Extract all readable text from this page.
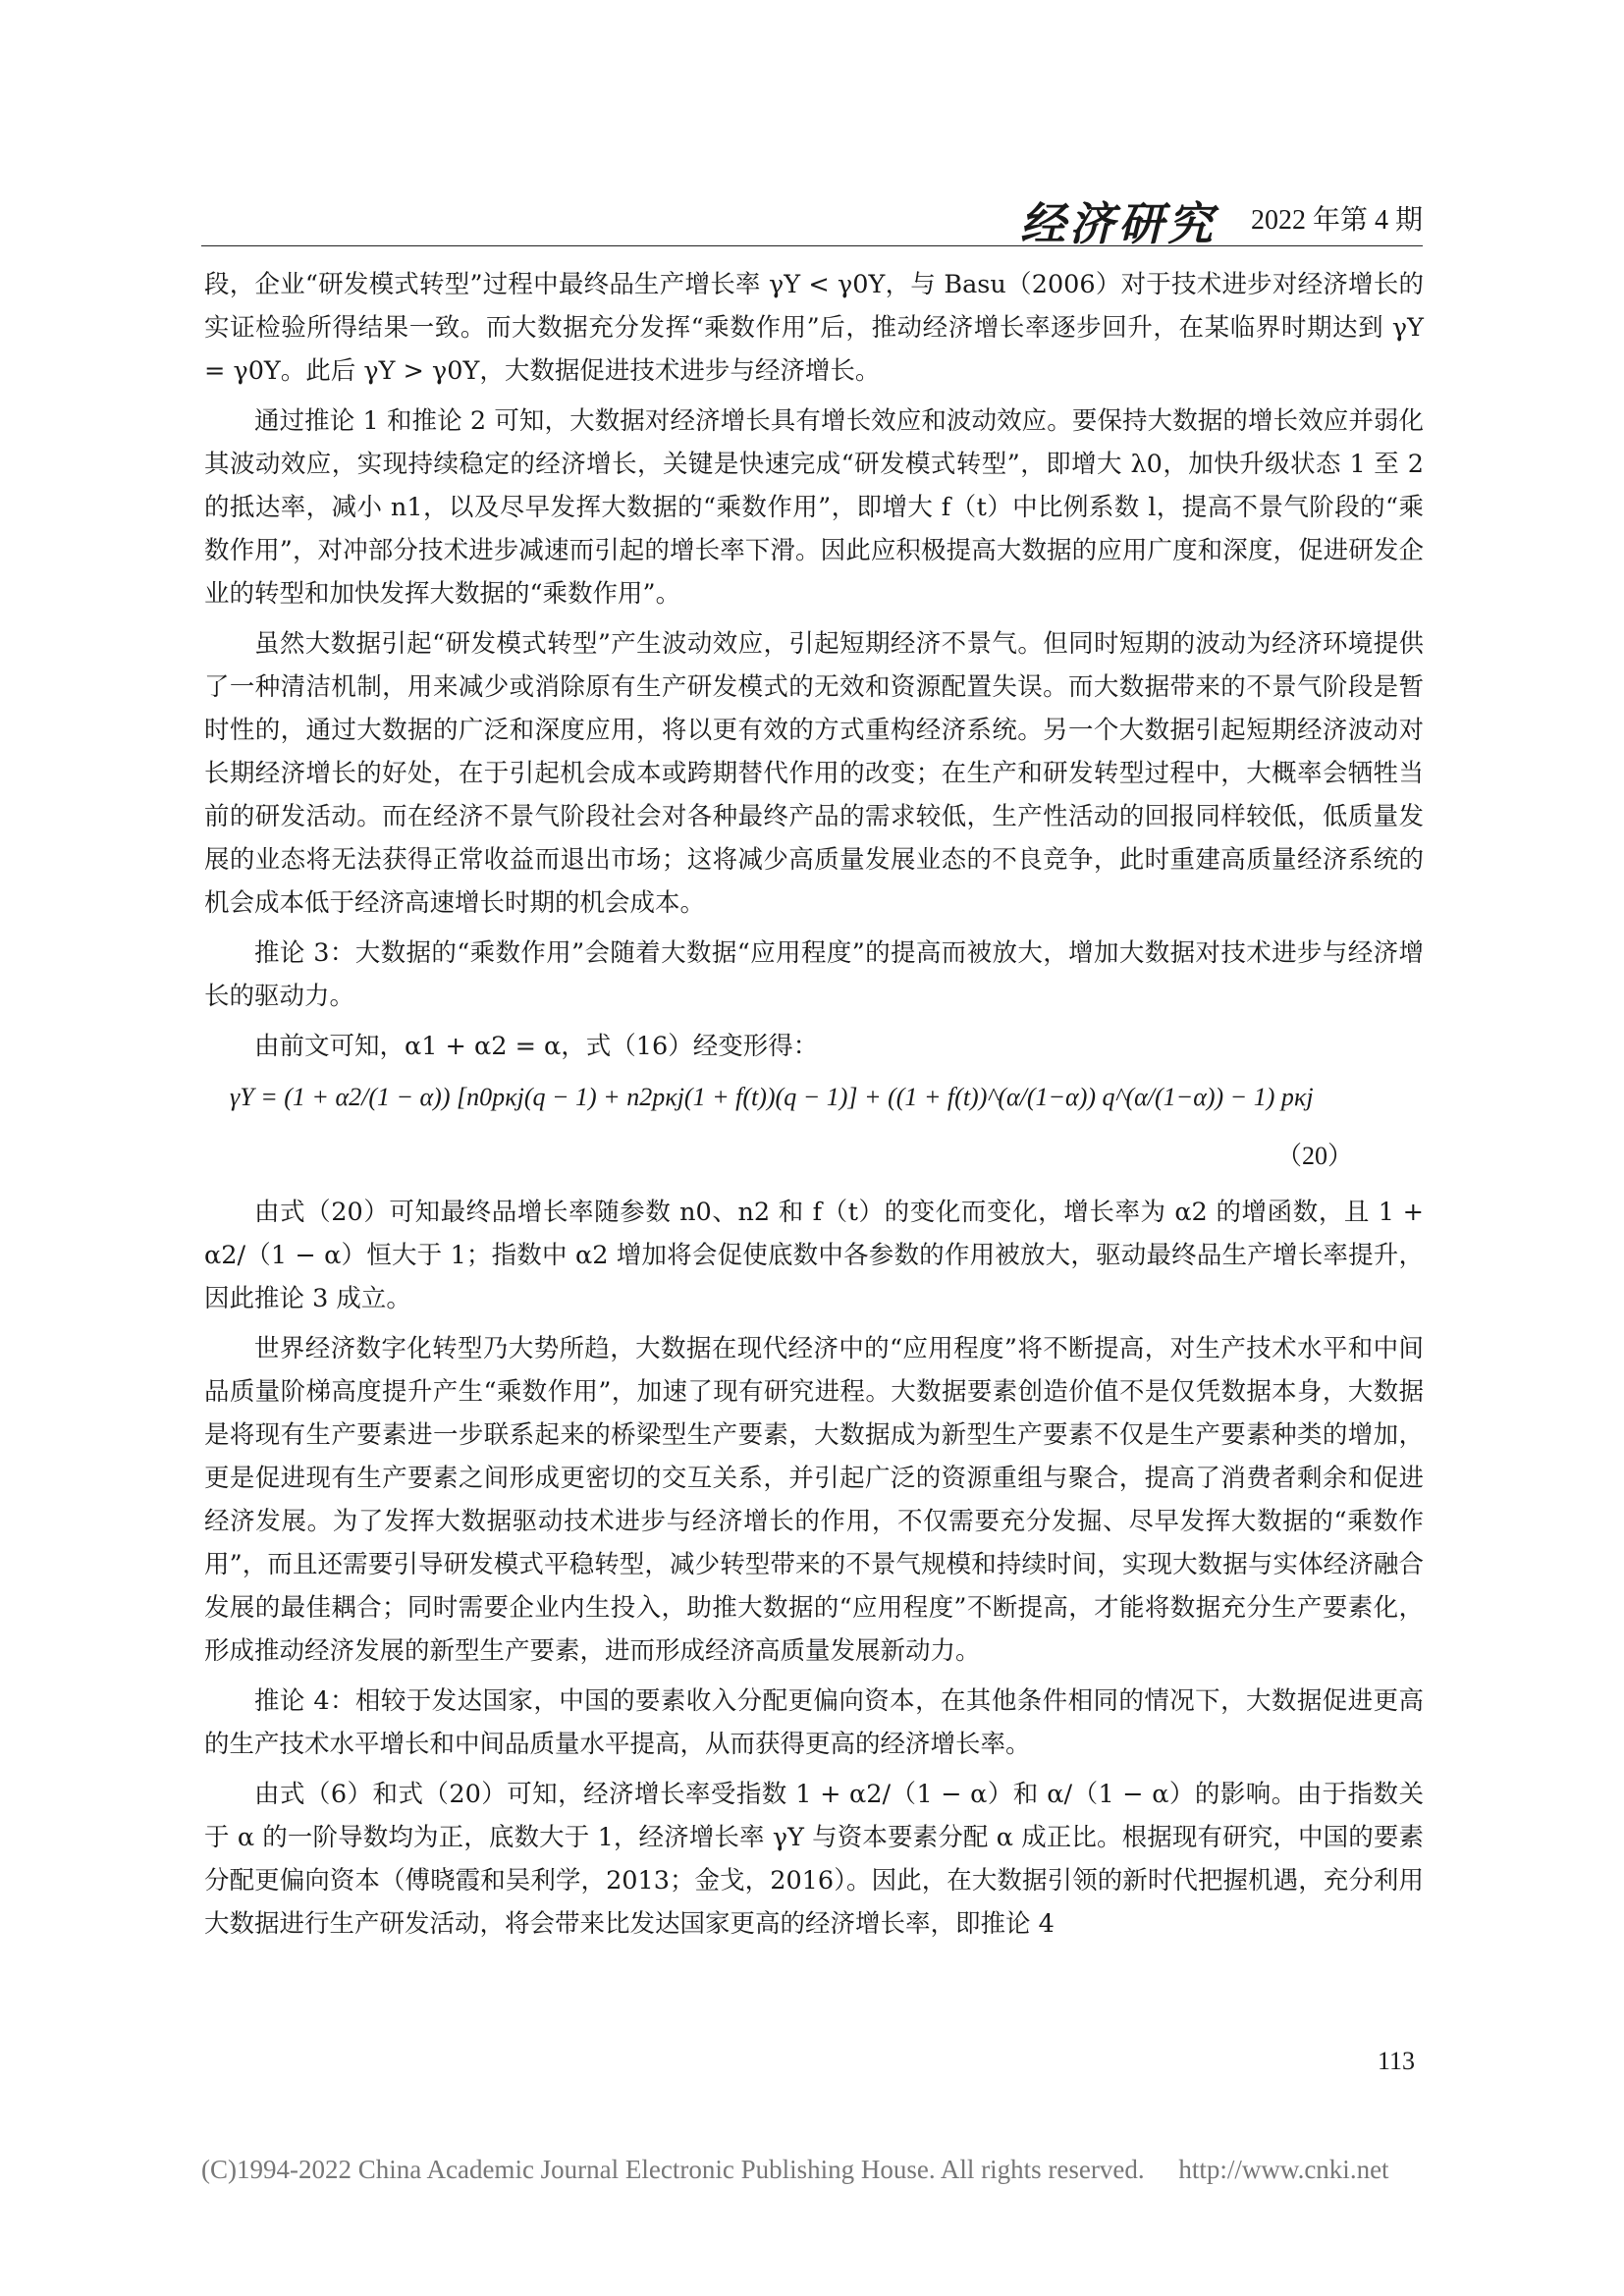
经济研究 2022 年第 4 期

段，企业“研发模式转型”过程中最终品生产增长率 γY < γ0Y，与 Basu（2006）对于技术进步对经济增长的实证检验所得结果一致。而大数据充分发挥“乘数作用”后，推动经济增长率逐步回升，在某临界时期达到 γY = γ0Y。此后 γY > γ0Y，大数据促进技术进步与经济增长。

通过推论 1 和推论 2 可知，大数据对经济增长具有增长效应和波动效应。要保持大数据的增长效应并弱化其波动效应，实现持续稳定的经济增长，关键是快速完成“研发模式转型”，即增大 λ0，加快升级状态 1 至 2 的抵达率，减小 n1，以及尽早发挥大数据的“乘数作用”，即增大 f（t）中比例系数 l，提高不景气阶段的“乘数作用”，对冲部分技术进步减速而引起的增长率下滑。因此应积极提高大数据的应用广度和深度，促进研发企业的转型和加快发挥大数据的“乘数作用”。

虽然大数据引起“研发模式转型”产生波动效应，引起短期经济不景气。但同时短期的波动为经济环境提供了一种清洁机制，用来减少或消除原有生产研发模式的无效和资源配置失误。而大数据带来的不景气阶段是暂时性的，通过大数据的广泛和深度应用，将以更有效的方式重构经济系统。另一个大数据引起短期经济波动对长期经济增长的好处，在于引起机会成本或跨期替代作用的改变；在生产和研发转型过程中，大概率会牺牲当前的研发活动。而在经济不景气阶段社会对各种最终产品的需求较低，生产性活动的回报同样较低，低质量发展的业态将无法获得正常收益而退出市场；这将减少高质量发展业态的不良竞争，此时重建高质量经济系统的机会成本低于经济高速增长时期的机会成本。

推论 3：大数据的“乘数作用”会随着大数据“应用程度”的提高而被放大，增加大数据对技术进步与经济增长的驱动力。

由前文可知，α1 + α2 = α，式（16）经变形得：

由式（20）可知最终品增长率随参数 n0、n2 和 f（t）的变化而变化，增长率为 α2 的增函数，且 1 + α2/（1 − α）恒大于 1；指数中 α2 增加将会促使底数中各参数的作用被放大，驱动最终品生产增长率提升，因此推论 3 成立。

世界经济数字化转型乃大势所趋，大数据在现代经济中的“应用程度”将不断提高，对生产技术水平和中间品质量阶梯高度提升产生“乘数作用”，加速了现有研究进程。大数据要素创造价值不是仅凭数据本身，大数据是将现有生产要素进一步联系起来的桥梁型生产要素，大数据成为新型生产要素不仅是生产要素种类的增加，更是促进现有生产要素之间形成更密切的交互关系，并引起广泛的资源重组与聚合，提高了消费者剩余和促进经济发展。为了发挥大数据驱动技术进步与经济增长的作用，不仅需要充分发掘、尽早发挥大数据的“乘数作用”，而且还需要引导研发模式平稳转型，减少转型带来的不景气规模和持续时间，实现大数据与实体经济融合发展的最佳耦合；同时需要企业内生投入，助推大数据的“应用程度”不断提高，才能将数据充分生产要素化，形成推动经济发展的新型生产要素，进而形成经济高质量发展新动力。

推论 4：相较于发达国家，中国的要素收入分配更偏向资本，在其他条件相同的情况下，大数据促进更高的生产技术水平增长和中间品质量水平提高，从而获得更高的经济增长率。

由式（6）和式（20）可知，经济增长率受指数 1 + α2/（1 − α）和 α/（1 − α）的影响。由于指数关于 α 的一阶导数均为正，底数大于 1，经济增长率 γY 与资本要素分配 α 成正比。根据现有研究，中国的要素分配更偏向资本（傅晓霞和吴利学，2013；金戈，2016）。因此，在大数据引领的新时代把握机遇，充分利用大数据进行生产研发活动，将会带来比发达国家更高的经济增长率，即推论 4

γY = (1 + α2/(1 − α)) [n0pκj(q − 1) + n2pκj(1 + f(t))(q − 1)] + ((1 + f(t))^(α/(1−α)) q^(α/(1−α)) − 1) pκj
（20）
113
(C)1994-2022 China Academic Journal Electronic Publishing House. All rights reserved. http://www.cnki.net
